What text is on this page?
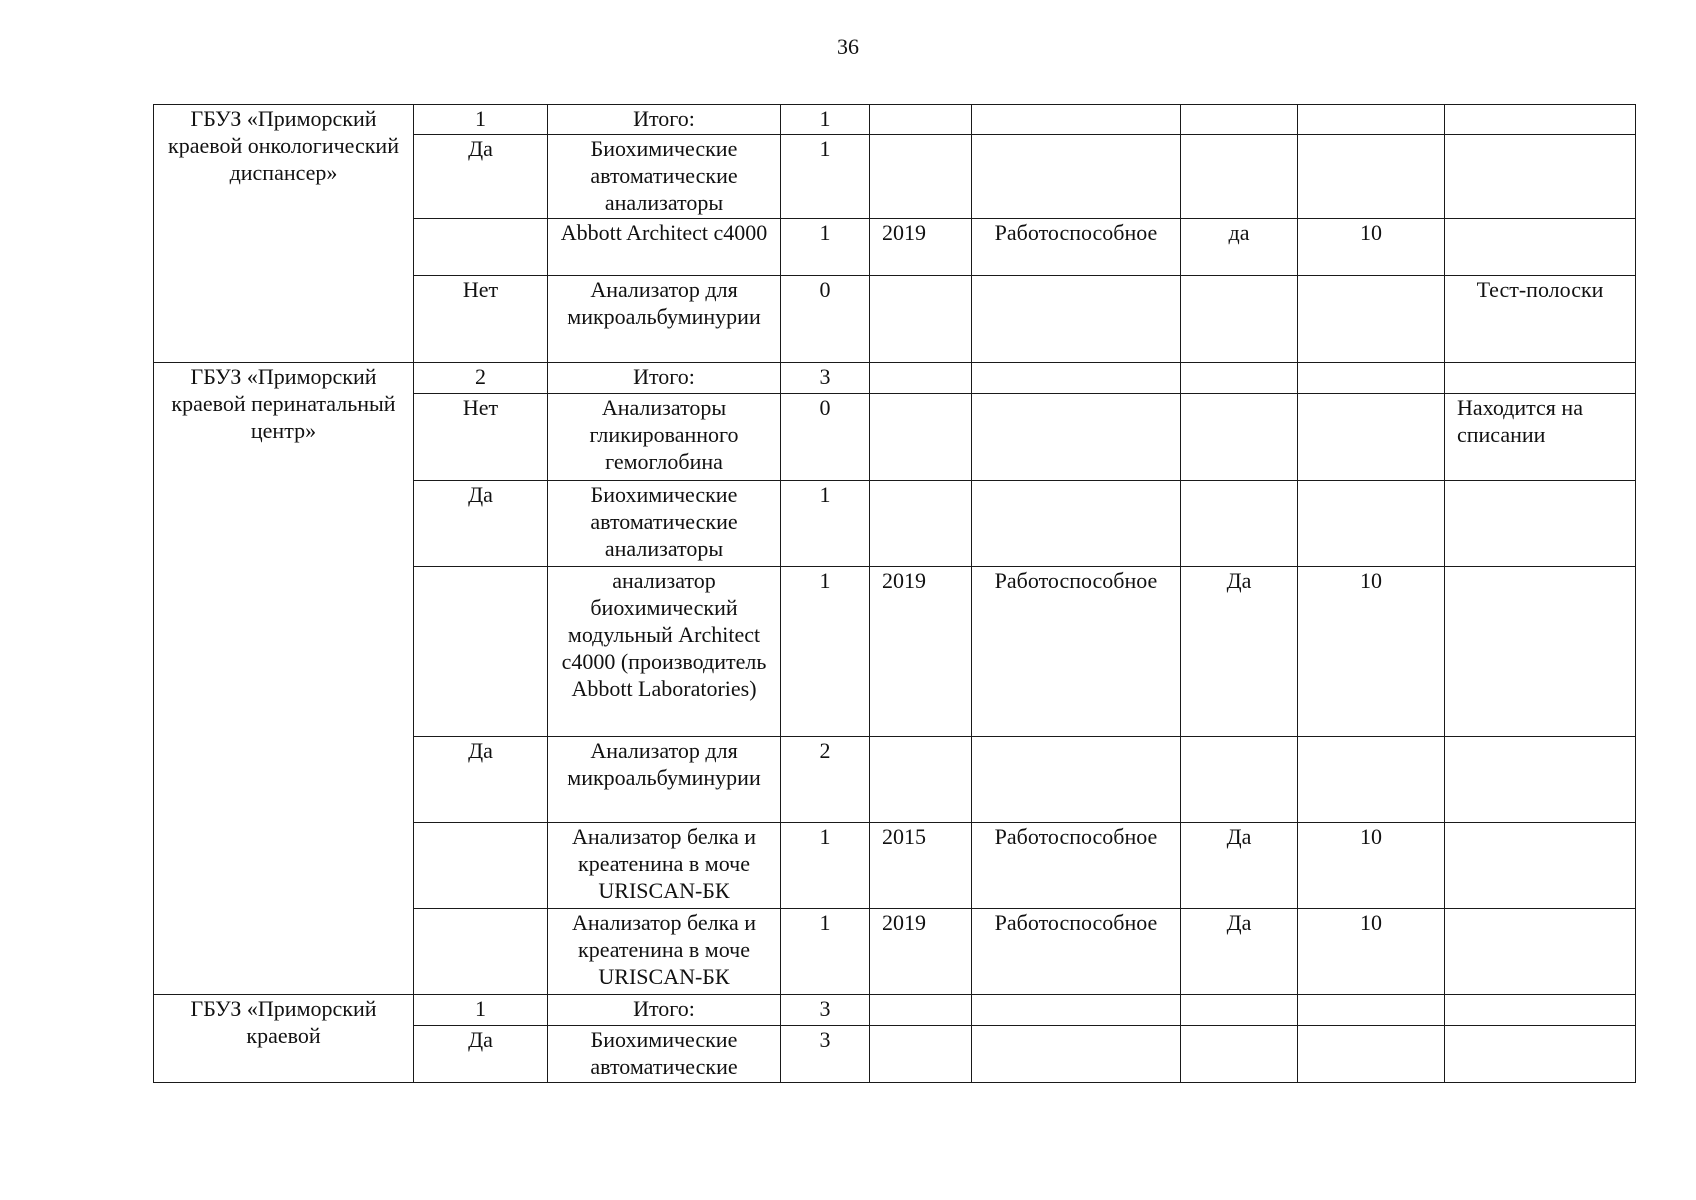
36
ГБУЗ «Приморский краевой онкологический диспансер»	1	Итого:	1					
	Да	Биохимические автоматические анализаторы	1					
		Abbott Architect c4000	1	2019	Работоспособное	да	10	
	Нет	Анализатор для микроальбуминурии	0					Тест-полоски
ГБУЗ «Приморский краевой перинатальный центр»	2	Итого:	3					
	Нет	Анализаторы гликированного гемоглобина	0					Находится на списании
	Да	Биохимические автоматические анализаторы	1					
		анализатор биохимический модульный Architect c4000 (производитель Abbott Laboratories)	1	2019	Работоспособное	Да	10	
	Да	Анализатор для микроальбуминурии	2					
		Анализатор белка и креатенина в моче URISCAN-БК	1	2015	Работоспособное	Да	10	
		Анализатор белка и креатенина в моче URISCAN-БК	1	2019	Работоспособное	Да	10	
ГБУЗ «Приморский краевой	1	Итого:	3					
	Да	Биохимические автоматические	3					
